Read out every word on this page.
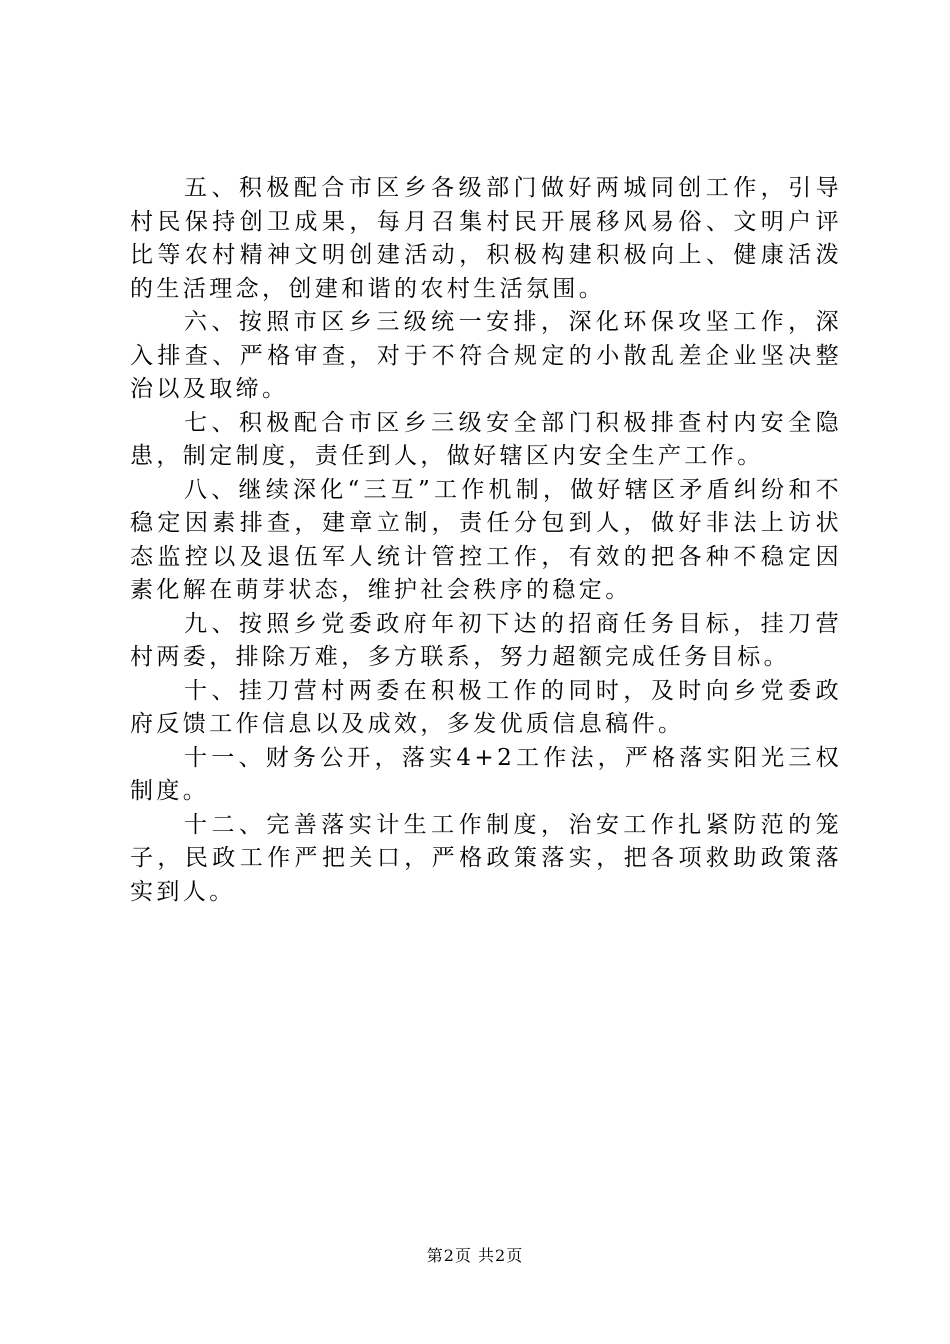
五、积极配合市区乡各级部门做好两城同创工作，引导村民保持创卫成果，每月召集村民开展移风易俗、文明户评比等农村精神文明创建活动，积极构建积极向上、健康活泼的生活理念，创建和谐的农村生活氛围。

六、按照市区乡三级统一安排，深化环保攻坚工作，深入排查、严格审查，对于不符合规定的小散乱差企业坚决整治以及取缔。

七、积极配合市区乡三级安全部门积极排查村内安全隐患，制定制度，责任到人，做好辖区内安全生产工作。

八、继续深化“三互”工作机制，做好辖区矛盾纠纷和不稳定因素排查，建章立制，责任分包到人，做好非法上访状态监控以及退伍军人统计管控工作，有效的把各种不稳定因素化解在萌芽状态，维护社会秩序的稳定。

九、按照乡党委政府年初下达的招商任务目标，挂刀营村两委，排除万难，多方联系，努力超额完成任务目标。

十、挂刀营村两委在积极工作的同时，及时向乡党委政府反馈工作信息以及成效，多发优质信息稿件。

十一、财务公开，落实4+2工作法，严格落实阳光三权制度。

十二、完善落实计生工作制度，治安工作扎紧防范的笼子，民政工作严把关口，严格政策落实，把各项救助政策落实到人。

第2页 共2页
